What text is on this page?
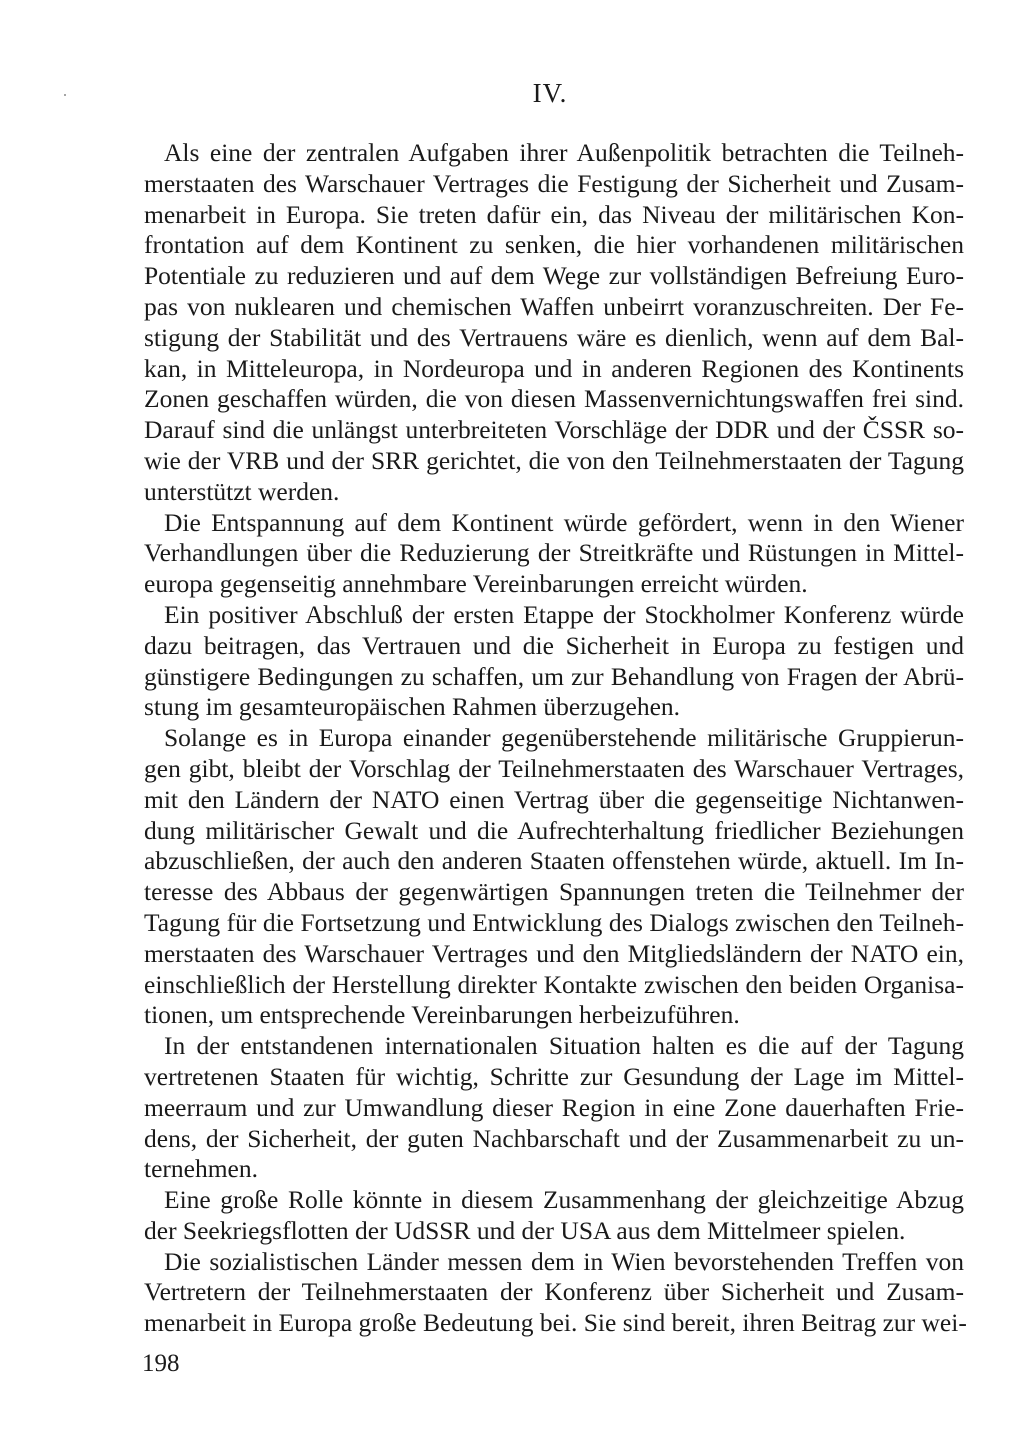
IV.

Als eine der zentralen Aufgaben ihrer Außenpolitik betrachten die Teilneh-
merstaaten des Warschauer Vertrages die Festigung der Sicherheit und Zusam-
menarbeit in Europa. Sie treten dafür ein, das Niveau der militärischen Kon-
frontation auf dem Kontinent zu senken, die hier vorhandenen militärischen
Potentiale zu reduzieren und auf dem Wege zur vollständigen Befreiung Euro-
pas von nuklearen und chemischen Waffen unbeirrt voranzuschreiten. Der Fe-
stigung der Stabilität und des Vertrauens wäre es dienlich, wenn auf dem Bal-
kan, in Mitteleuropa, in Nordeuropa und in anderen Regionen des Kontinents
Zonen geschaffen würden, die von diesen Massenvernichtungswaffen frei sind.
Darauf sind die unlängst unterbreiteten Vorschläge der DDR und der ČSSR so-
wie der VRB und der SRR gerichtet, die von den Teilnehmerstaaten der Tagung
unterstützt werden.

Die Entspannung auf dem Kontinent würde gefördert, wenn in den Wiener
Verhandlungen über die Reduzierung der Streitkräfte und Rüstungen in Mittel-
europa gegenseitig annehmbare Vereinbarungen erreicht würden.

Ein positiver Abschluß der ersten Etappe der Stockholmer Konferenz würde
dazu beitragen, das Vertrauen und die Sicherheit in Europa zu festigen und
günstigere Bedingungen zu schaffen, um zur Behandlung von Fragen der Abrü-
stung im gesamteuropäischen Rahmen überzugehen.

Solange es in Europa einander gegenüberstehende militärische Gruppierun-
gen gibt, bleibt der Vorschlag der Teilnehmerstaaten des Warschauer Vertrages,
mit den Ländern der NATO einen Vertrag über die gegenseitige Nichtanwen-
dung militärischer Gewalt und die Aufrechterhaltung friedlicher Beziehungen
abzuschließen, der auch den anderen Staaten offenstehen würde, aktuell. Im In-
teresse des Abbaus der gegenwärtigen Spannungen treten die Teilnehmer der
Tagung für die Fortsetzung und Entwicklung des Dialogs zwischen den Teilneh-
merstaaten des Warschauer Vertrages und den Mitgliedsländern der NATO ein,
einschließlich der Herstellung direkter Kontakte zwischen den beiden Organisa-
tionen, um entsprechende Vereinbarungen herbeizuführen.

In der entstandenen internationalen Situation halten es die auf der Tagung
vertretenen Staaten für wichtig, Schritte zur Gesundung der Lage im Mittel-
meerraum und zur Umwandlung dieser Region in eine Zone dauerhaften Frie-
dens, der Sicherheit, der guten Nachbarschaft und der Zusammenarbeit zu un-
ternehmen.

Eine große Rolle könnte in diesem Zusammenhang der gleichzeitige Abzug
der Seekriegsflotten der UdSSR und der USA aus dem Mittelmeer spielen.

Die sozialistischen Länder messen dem in Wien bevorstehenden Treffen von
Vertretern der Teilnehmerstaaten der Konferenz über Sicherheit und Zusam-
menarbeit in Europa große Bedeutung bei. Sie sind bereit, ihren Beitrag zur wei-

198
